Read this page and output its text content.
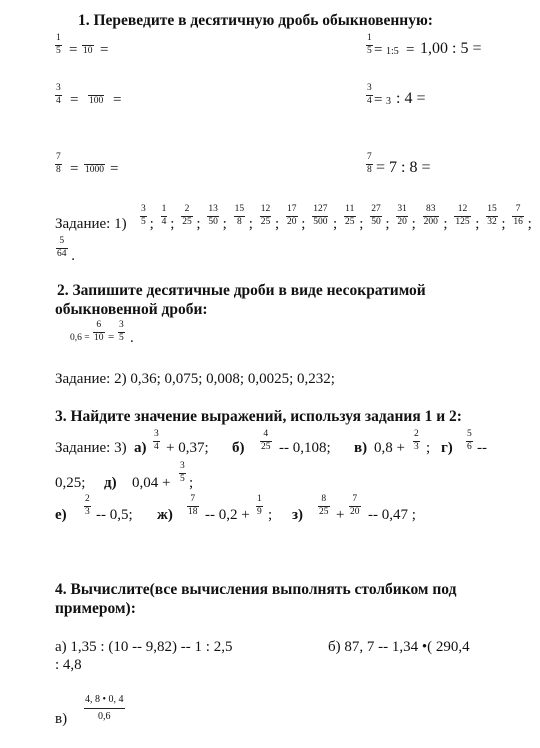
1. Переведите в десятичную дробь обыкновенную:
1
5 =
10 =
1
5 = 1:5 = 1,00 : 5 =
3
4 =
100 =
3
4 = 3 : 4 =
7
8 =
1000 =
7
8 = 7 : 8 =
Задание: 1)
3
5 ;
1
4 ;
2
25 ;
13
50 ;
15
8 ;
12
25 ;
17
20 ;
127
500 ;
11
25 ;
27
50 ;
31
20 ;
83
200 ;
12
125 ;
15
32 ;
7
16 ;
5
64 .
2. Запишите десятичные дроби в виде несократимой
обыкновенной дроби:
0,6 =
6
10 =
3
5 .
Задание: 2) 0,36; 0,075; 0,008; 0,0025; 0,232;
3. Найдите значение выражений, используя задания 1 и 2:
Задание: 3) а)
3
4 + 0,37; б)
4
25 -- 0,108; в) 0,8 +
2
3 ; г)
5
6 --
0,25; д) 0,04 +
3
5 ;
е)
2
3 -- 0,5; ж)
7
18 -- 0,2 +
1
9 ; з)
8
25 +
7
20 -- 0,47 ;
4. Вычислите(все вычисления выполнять столбиком под
примером):
а) 1,35 : (10 -- 9,82) -- 1 : 2,5
: 4,8
б) 87, 7 -- 1,34 •( 290,4
в)
4, 8 • 0, 4
0,6
